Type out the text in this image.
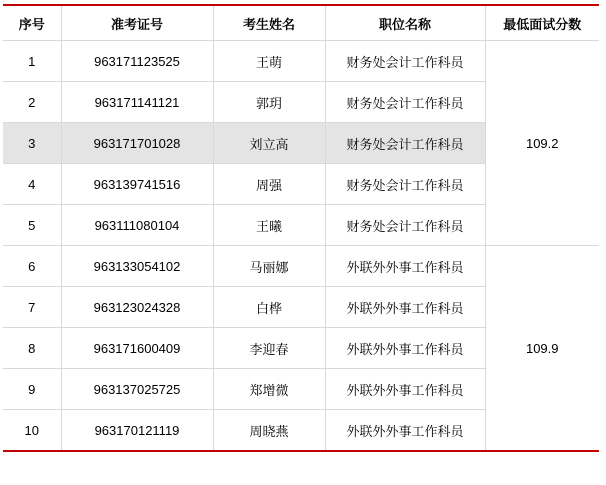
序号	准考证号	考生姓名	职位名称	最低面试分数
1	963171123525	王萌	财务处会计工作科员	109.2
2	963171141121	郭玥	财务处会计工作科员	
3	963171701028	刘立高	财务处会计工作科员	
4	963139741516	周强	财务处会计工作科员	
5	963111080104	王曦	财务处会计工作科员	
6	963133054102	马丽娜	外联外外事工作科员	109.9
7	963123024328	白桦	外联外外事工作科员	
8	963171600409	李迎春	外联外外事工作科员	
9	963137025725	郑增微	外联外外事工作科员	
10	963170121119	周晓燕	外联外外事工作科员	
